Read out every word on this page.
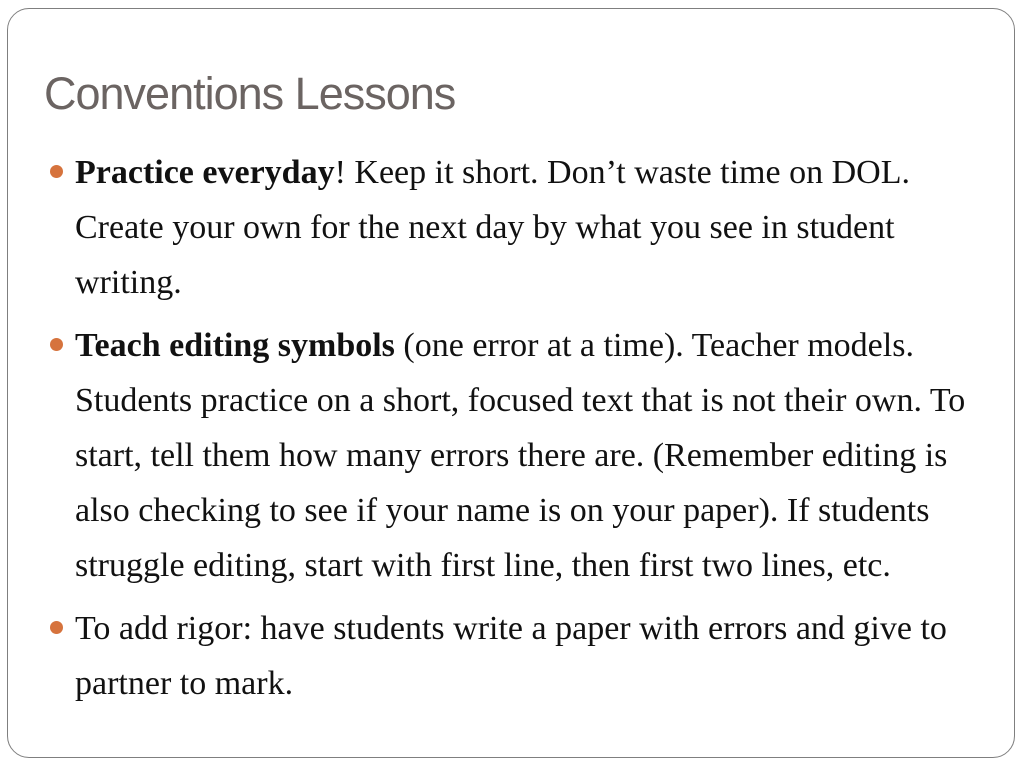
Conventions Lessons
Practice everyday! Keep it short. Don’t waste time on DOL. Create your own for the next day by what you see in student writing.
Teach editing symbols (one error at a time). Teacher models. Students practice on a short, focused text that is not their own. To start, tell them how many errors there are. (Remember editing is also checking to see if your name is on your paper). If students struggle editing, start with first line, then first two lines, etc.
To add rigor: have students write a paper with errors and give to partner to mark.
